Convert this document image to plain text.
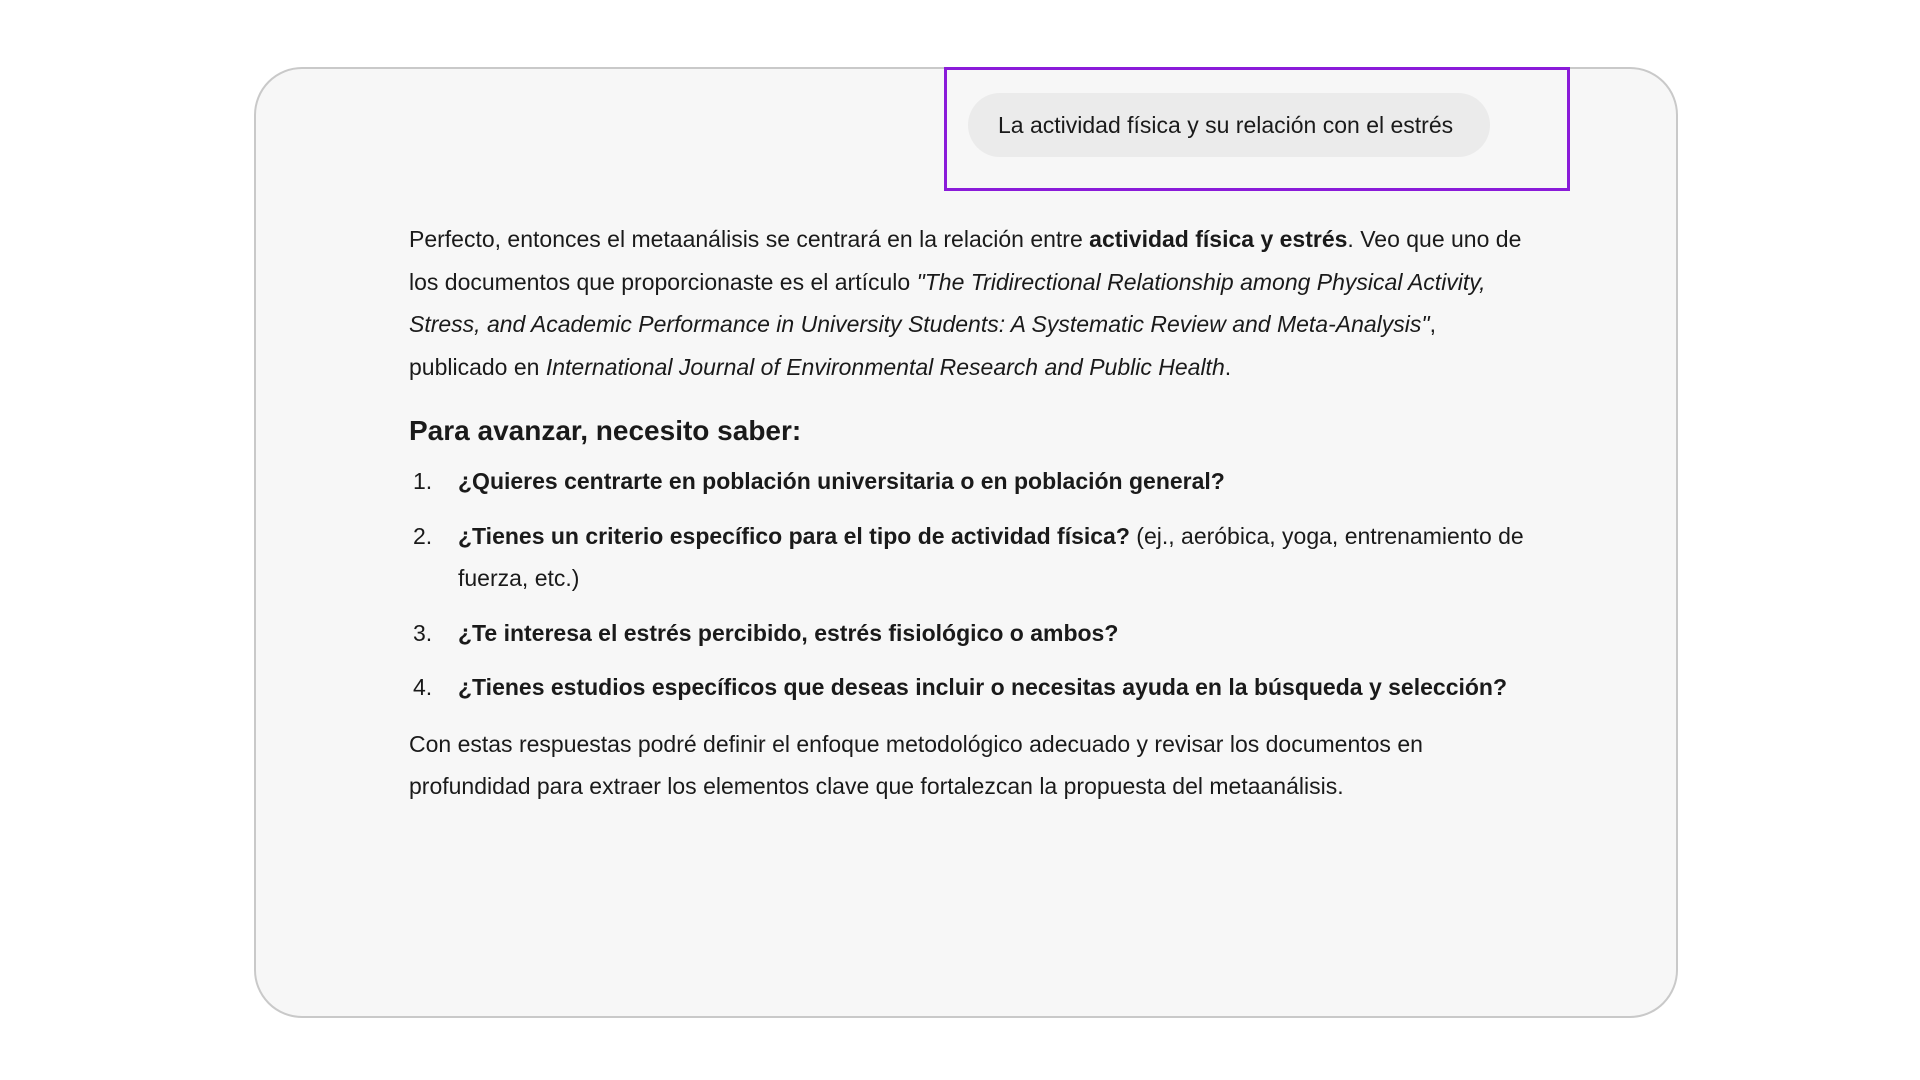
La actividad física y su relación con el estrés

Perfecto, entonces el metaanálisis se centrará en la relación entre actividad física y estrés. Veo que uno de los documentos que proporcionaste es el artículo "The Tridirectional Relationship among Physical Activity, Stress, and Academic Performance in University Students: A Systematic Review and Meta-Analysis", publicado en International Journal of Environmental Research and Public Health.

Para avanzar, necesito saber:
1. ¿Quieres centrarte en población universitaria o en población general?
2. ¿Tienes un criterio específico para el tipo de actividad física? (ej., aeróbica, yoga, entrenamiento de fuerza, etc.)
3. ¿Te interesa el estrés percibido, estrés fisiológico o ambos?
4. ¿Tienes estudios específicos que deseas incluir o necesitas ayuda en la búsqueda y selección?

Con estas respuestas podré definir el enfoque metodológico adecuado y revisar los documentos en profundidad para extraer los elementos clave que fortalezcan la propuesta del metaanálisis.
